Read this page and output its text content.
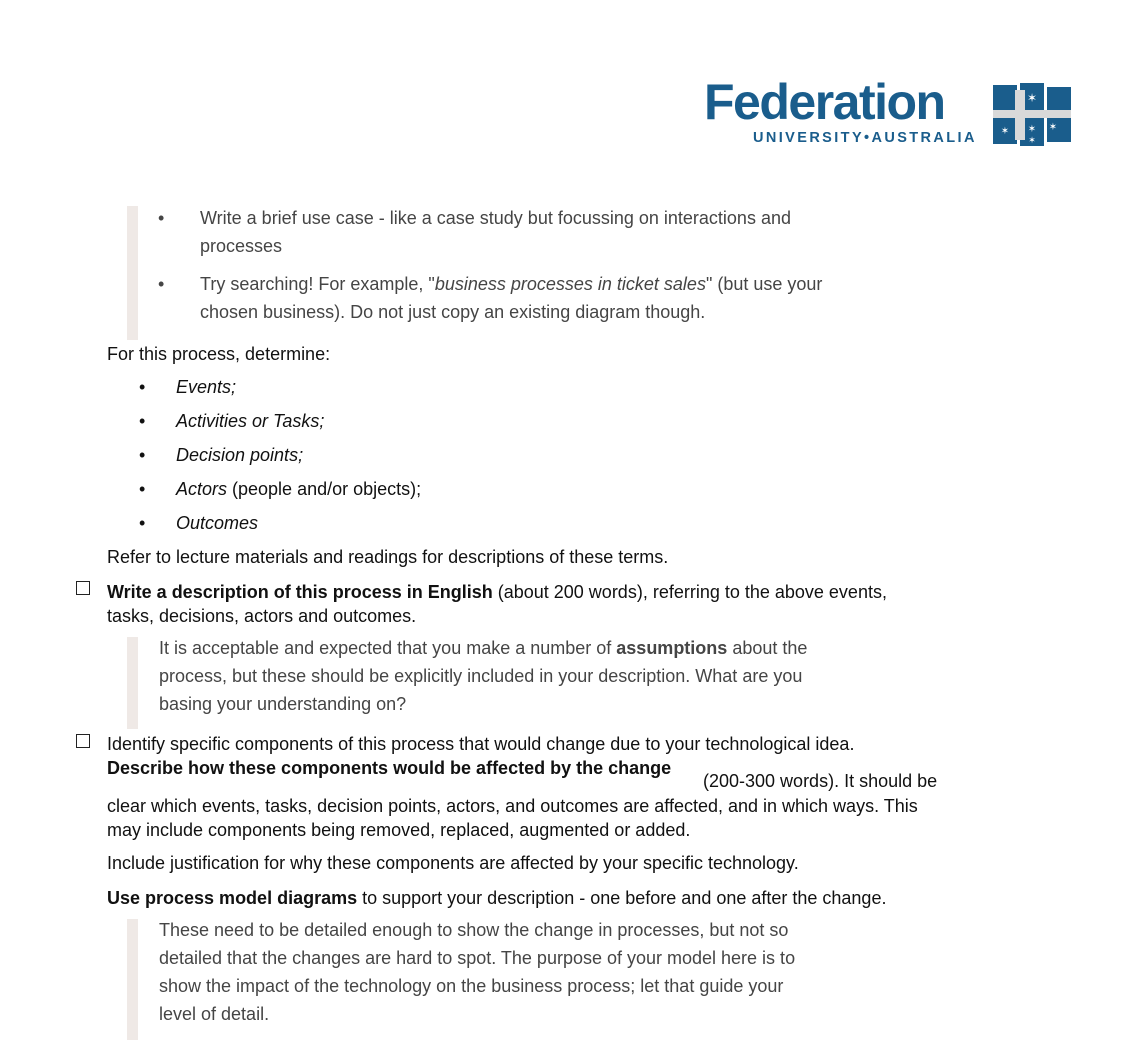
Federation
UNIVERSITY•AUSTRALIA
✶
✶ ✶ ✶
✶
• Write a brief use case - like a case study but focussing on interactions and
processes
• Try searching! For example, "business processes in ticket sales" (but use your
chosen business). Do not just copy an existing diagram though.
For this process, determine:
• Events;
• Activities or Tasks;
• Decision points;
• Actors (people and/or objects);
• Outcomes
Refer to lecture materials and readings for descriptions of these terms.
Write a description of this process in English (about 200 words), referring to the above events,
tasks, decisions, actors and outcomes.
It is acceptable and expected that you make a number of assumptions about the
process, but these should be explicitly included in your description. What are you
basing your understanding on?
Identify specific components of this process that would change due to your technological idea.
Describe how these components would be affected by the change
(200-300 words). It should be
clear which events, tasks, decision points, actors, and outcomes are affected, and in which ways. This
may include components being removed, replaced, augmented or added.
Include justification for why these components are affected by your specific technology.
Use process model diagrams to support your description - one before and one after the change.
These need to be detailed enough to show the change in processes, but not so
detailed that the changes are hard to spot. The purpose of your model here is to
show the impact of the technology on the business process; let that guide your
level of detail.
